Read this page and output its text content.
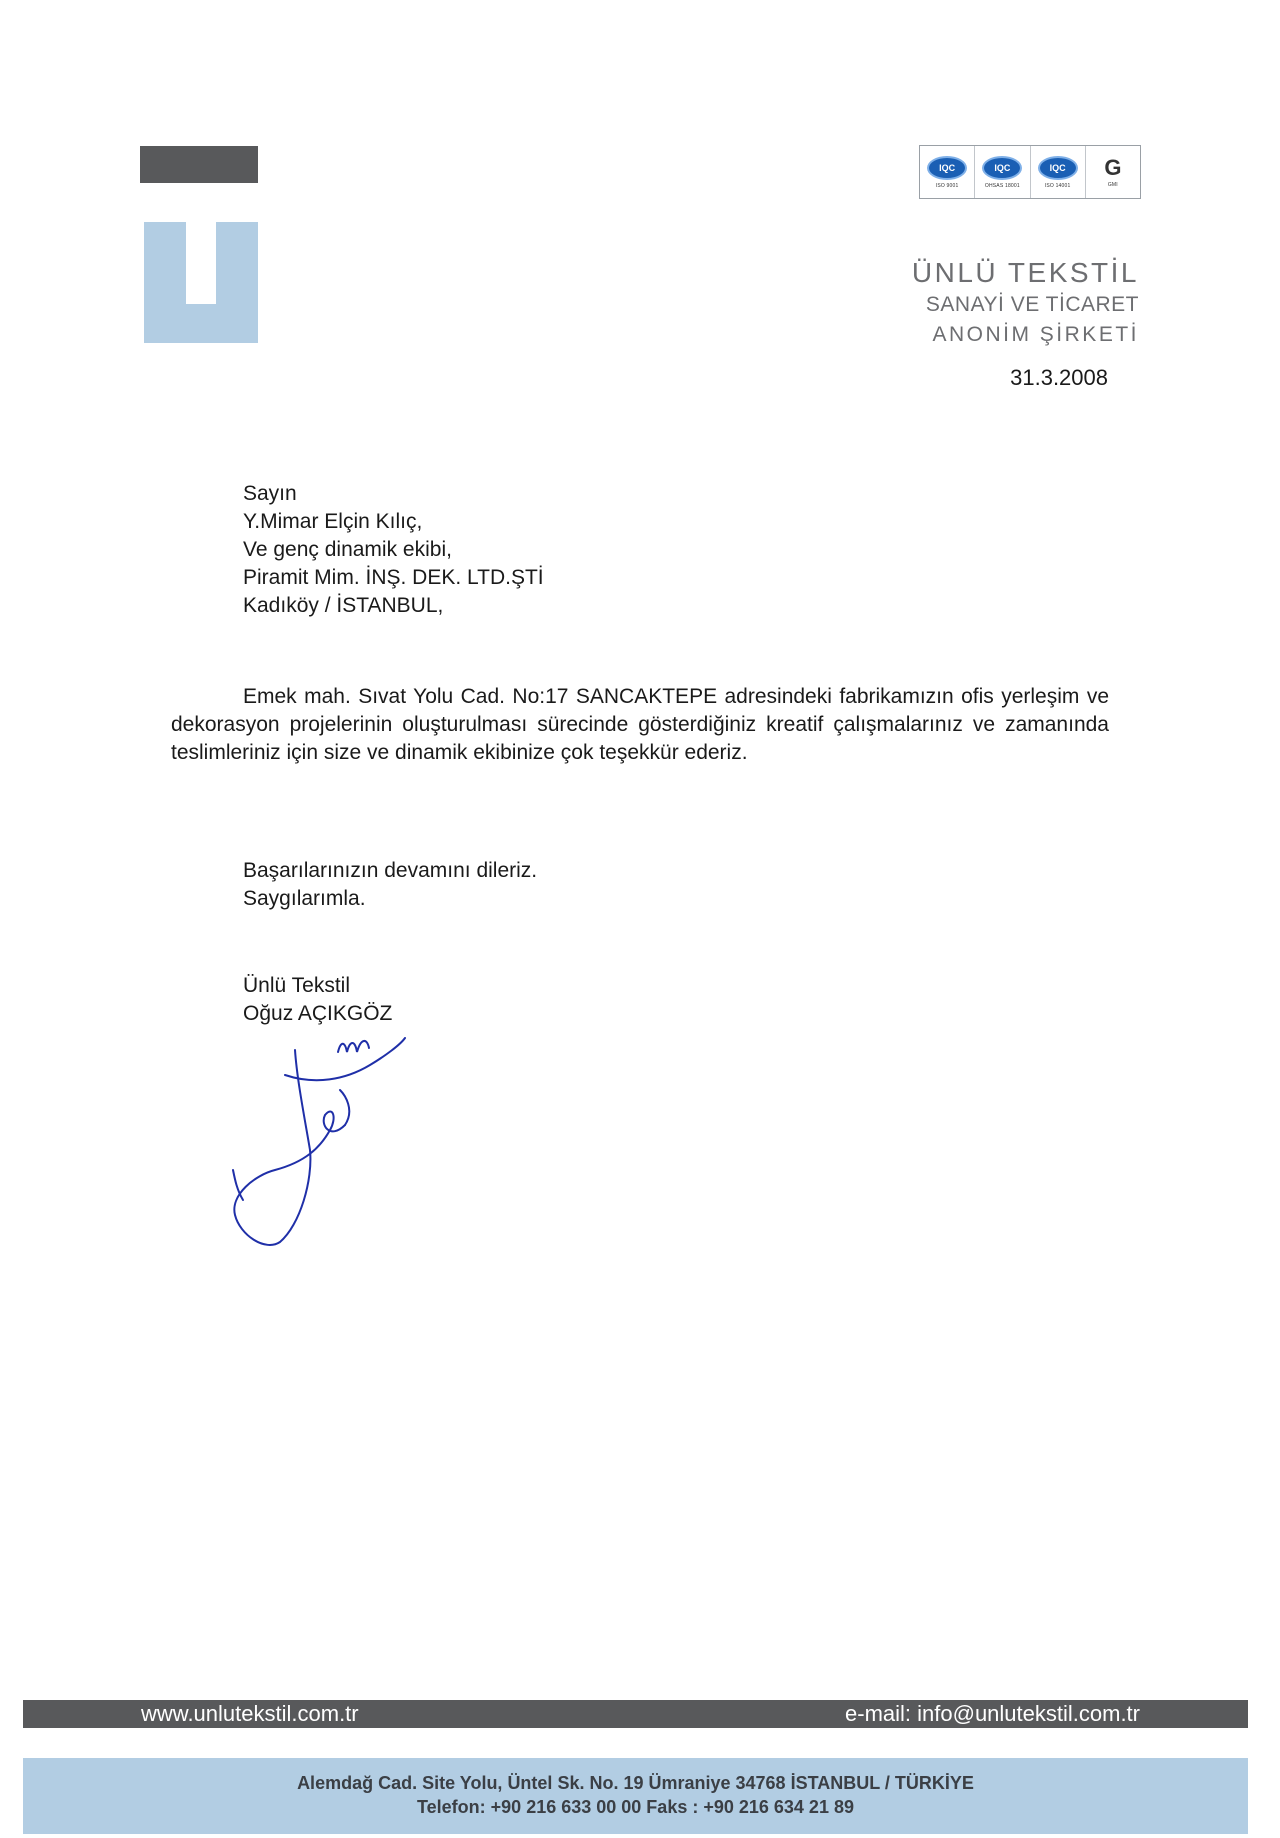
IQC
ISO 9001
IQC
OHSAS 18001
IQC
ISO 14001
G
GMI
ÜNLÜ TEKSTİL
SANAYİ VE TİCARET
ANONİM ŞİRKETİ
31.3.2008
Sayın
Y.Mimar Elçin Kılıç,
Ve genç dinamik ekibi,
Piramit Mim. İNŞ. DEK. LTD.ŞTİ
Kadıköy / İSTANBUL,
Emek mah. Sıvat Yolu Cad. No:17 SANCAKTEPE adresindeki fabrikamızın ofis yerleşim ve dekorasyon projelerinin oluşturulması sürecinde gösterdiğiniz kreatif çalışmalarınız ve zamanında teslimleriniz için size ve dinamik ekibinize çok teşekkür ederiz.
Başarılarınızın devamını dileriz.
Saygılarımla.
Ünlü Tekstil
Oğuz AÇIKGÖZ
www.unlutekstil.com.tr	e-mail: info@unlutekstil.com.tr
Alemdağ Cad. Site Yolu, Üntel Sk. No. 19 Ümraniye 34768 İSTANBUL / TÜRKİYE
Telefon: +90 216 633 00 00 Faks : +90 216 634 21 89
